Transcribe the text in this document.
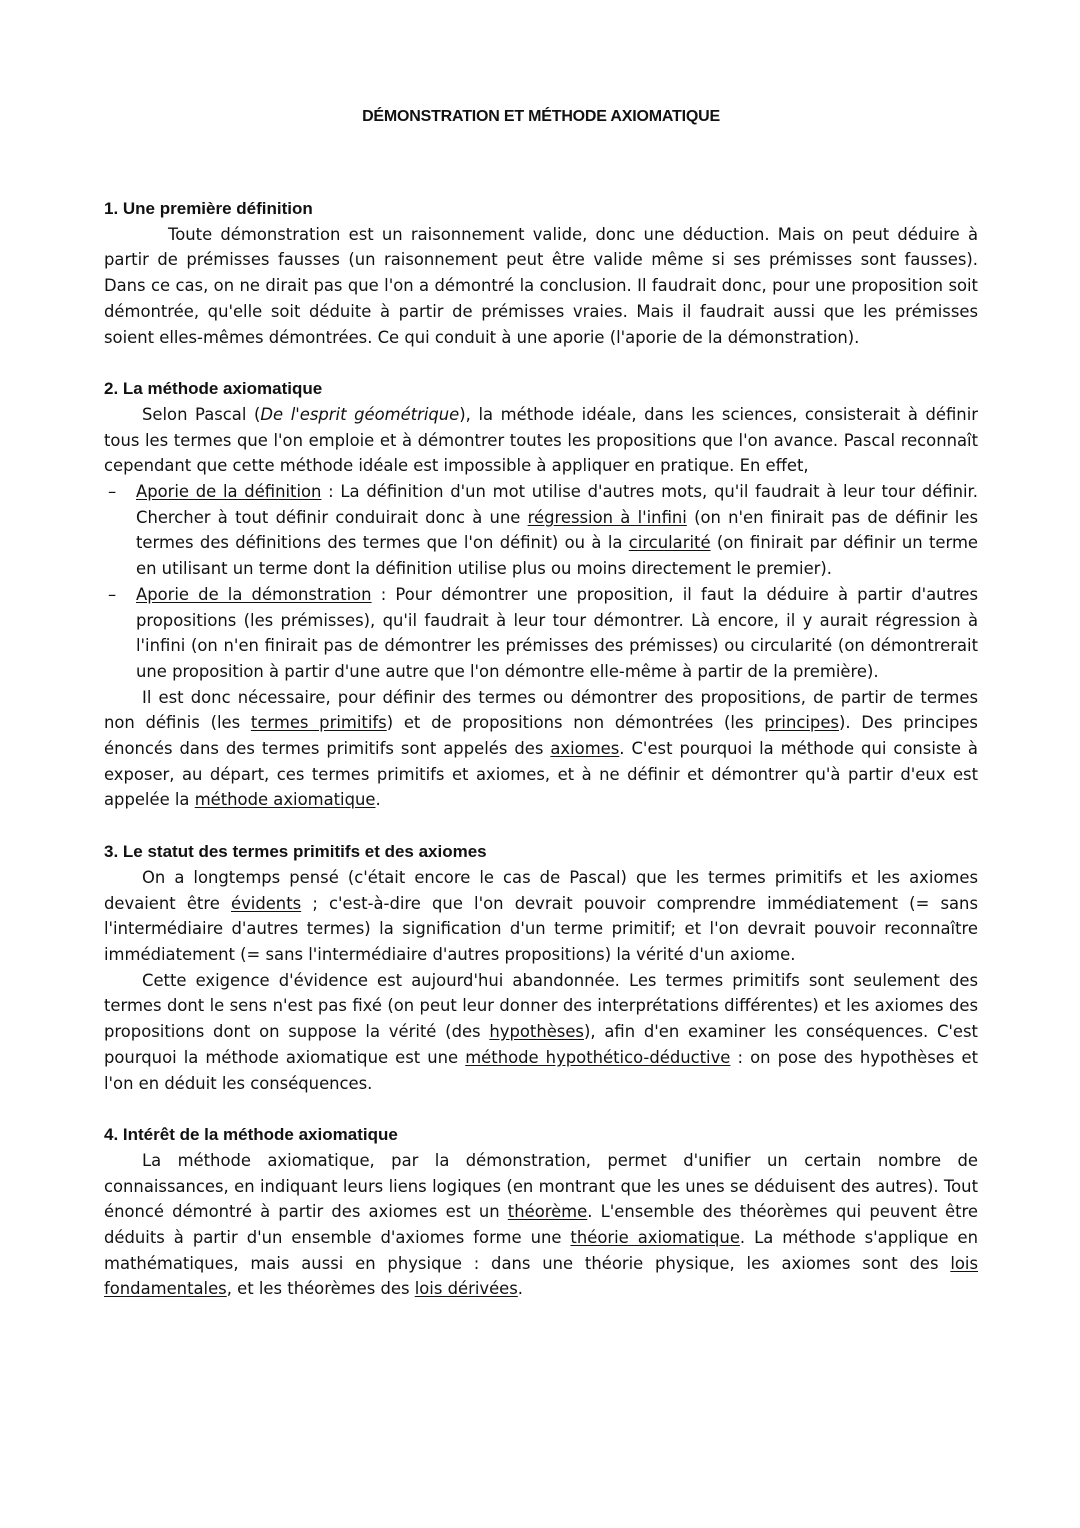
DÉMONSTRATION ET MÉTHODE AXIOMATIQUE
1. Une première définition

Toute démonstration est un raisonnement valide, donc une déduction. Mais on peut déduire à partir de prémisses fausses (un raisonnement peut être valide même si ses prémisses sont fausses). Dans ce cas, on ne dirait pas que l'on a démontré la conclusion. Il faudrait donc, pour une proposition soit démontrée, qu'elle soit déduite à partir de prémisses vraies. Mais il faudrait aussi que les prémisses soient elles-mêmes démontrées. Ce qui conduit à une aporie (l'aporie de la démonstration).

2. La méthode axiomatique

Selon Pascal (De l'esprit géométrique), la méthode idéale, dans les sciences, consisterait à définir tous les termes que l'on emploie et à démontrer toutes les propositions que l'on avance. Pascal reconnaît cependant que cette méthode idéale est impossible à appliquer en pratique. En effet,

– Aporie de la définition : La définition d'un mot utilise d'autres mots, qu'il faudrait à leur tour définir. Chercher à tout définir conduirait donc à une régression à l'infini (on n'en finirait pas de définir les termes des définitions des termes que l'on définit) ou à la circularité (on finirait par définir un terme en utilisant un terme dont la définition utilise plus ou moins directement le premier).
– Aporie de la démonstration : Pour démontrer une proposition, il faut la déduire à partir d'autres propositions (les prémisses), qu'il faudrait à leur tour démontrer. Là encore, il y aurait régression à l'infini (on n'en finirait pas de démontrer les prémisses des prémisses) ou circularité (on démontrerait une proposition à partir d'une autre que l'on démontre elle-même à partir de la première).

Il est donc nécessaire, pour définir des termes ou démontrer des propositions, de partir de termes non définis (les termes primitifs) et de propositions non démontrées (les principes). Des principes énoncés dans des termes primitifs sont appelés des axiomes. C'est pourquoi la méthode qui consiste à exposer, au départ, ces termes primitifs et axiomes, et à ne définir et démontrer qu'à partir d'eux est appelée la méthode axiomatique.

3. Le statut des termes primitifs et des axiomes

On a longtemps pensé (c'était encore le cas de Pascal) que les termes primitifs et les axiomes devaient être évidents ; c'est-à-dire que l'on devrait pouvoir comprendre immédiatement (= sans l'intermédiaire d'autres termes) la signification d'un terme primitif; et l'on devrait pouvoir reconnaître immédiatement (= sans l'intermédiaire d'autres propositions) la vérité d'un axiome.

Cette exigence d'évidence est aujourd'hui abandonnée. Les termes primitifs sont seulement des termes dont le sens n'est pas fixé (on peut leur donner des interprétations différentes) et les axiomes des propositions dont on suppose la vérité (des hypothèses), afin d'en examiner les conséquences. C'est pourquoi la méthode axiomatique est une méthode hypothético-déductive : on pose des hypothèses et l'on en déduit les conséquences.

4. Intérêt de la méthode axiomatique

La méthode axiomatique, par la démonstration, permet d'unifier un certain nombre de connaissances, en indiquant leurs liens logiques (en montrant que les unes se déduisent des autres). Tout énoncé démontré à partir des axiomes est un théorème. L'ensemble des théorèmes qui peuvent être déduits à partir d'un ensemble d'axiomes forme une théorie axiomatique. La méthode s'applique en mathématiques, mais aussi en physique : dans une théorie physique, les axiomes sont des lois fondamentales, et les théorèmes des lois dérivées.
